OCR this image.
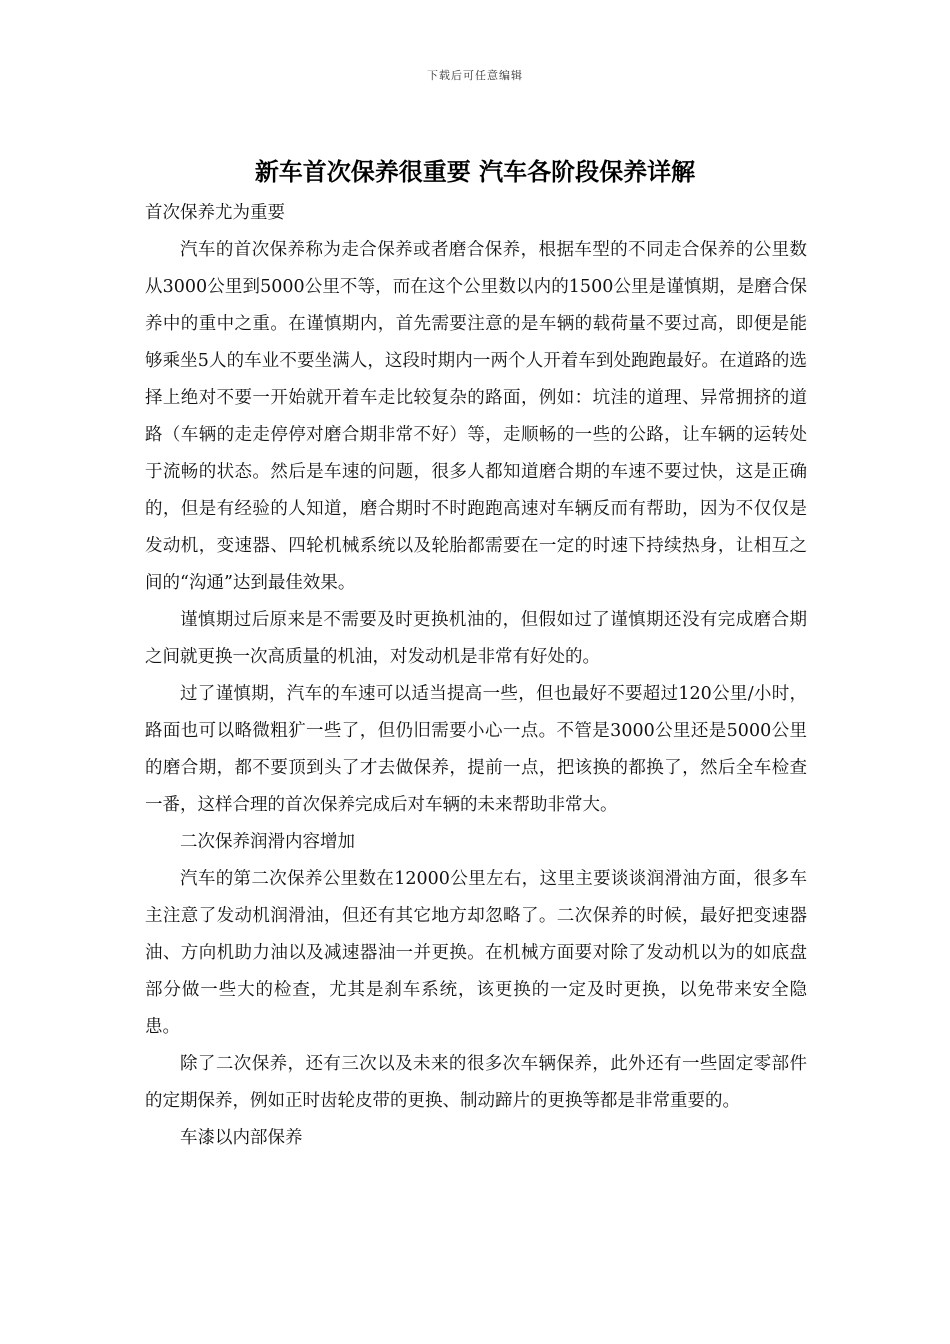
下载后可任意编辑
新车首次保养很重要 汽车各阶段保养详解

首次保养尤为重要

汽车的首次保养称为走合保养或者磨合保养，根据车型的不同走合保养的公里数从3000公里到5000公里不等，而在这个公里数以内的1500公里是谨慎期，是磨合保养中的重中之重。在谨慎期内，首先需要注意的是车辆的载荷量不要过高，即便是能够乘坐5人的车业不要坐满人，这段时期内一两个人开着车到处跑跑最好。在道路的选择上绝对不要一开始就开着车走比较复杂的路面，例如：坑洼的道理、异常拥挤的道路（车辆的走走停停对磨合期非常不好）等，走顺畅的一些的公路，让车辆的运转处于流畅的状态。然后是车速的问题，很多人都知道磨合期的车速不要过快，这是正确的，但是有经验的人知道，磨合期时不时跑跑高速对车辆反而有帮助，因为不仅仅是发动机，变速器、四轮机械系统以及轮胎都需要在一定的时速下持续热身，让相互之间的“沟通”达到最佳效果。

谨慎期过后原来是不需要及时更换机油的，但假如过了谨慎期还没有完成磨合期之间就更换一次高质量的机油，对发动机是非常有好处的。

过了谨慎期，汽车的车速可以适当提高一些，但也最好不要超过120公里/小时，路面也可以略微粗犷一些了，但仍旧需要小心一点。不管是3000公里还是5000公里的磨合期，都不要顶到头了才去做保养，提前一点，把该换的都换了，然后全车检查一番，这样合理的首次保养完成后对车辆的未来帮助非常大。

二次保养润滑内容增加

汽车的第二次保养公里数在12000公里左右，这里主要谈谈润滑油方面，很多车主注意了发动机润滑油，但还有其它地方却忽略了。二次保养的时候，最好把变速器油、方向机助力油以及减速器油一并更换。在机械方面要对除了发动机以为的如底盘部分做一些大的检查，尤其是刹车系统，该更换的一定及时更换，以免带来安全隐患。

除了二次保养，还有三次以及未来的很多次车辆保养，此外还有一些固定零部件的定期保养，例如正时齿轮皮带的更换、制动蹄片的更换等都是非常重要的。

车漆以内部保养
